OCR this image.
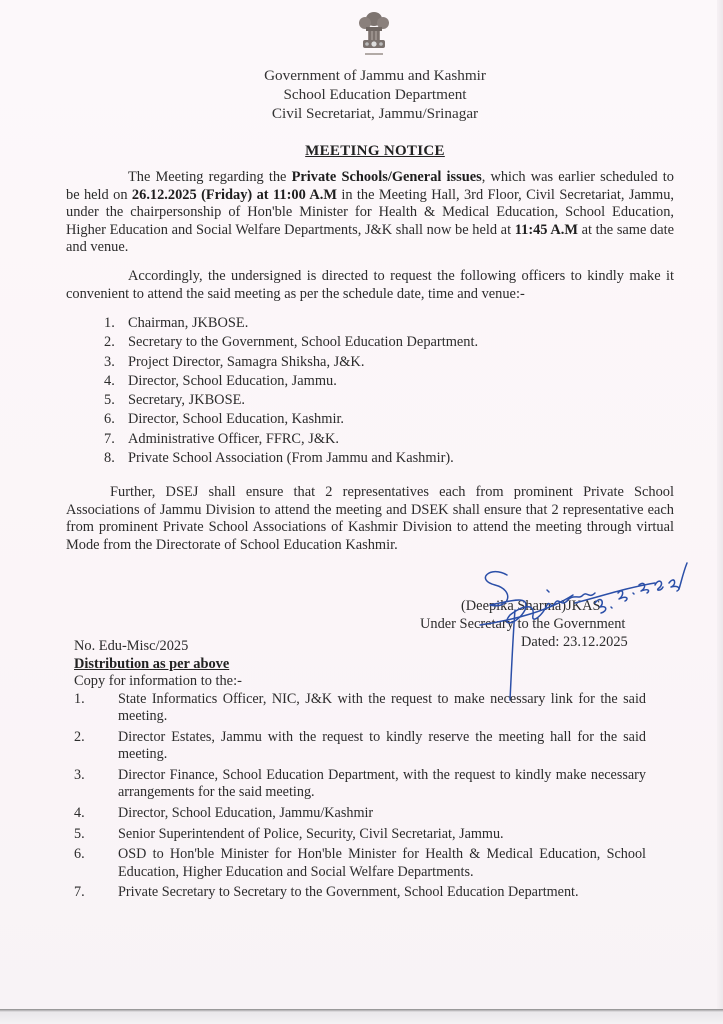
Government of Jammu and Kashmir
School Education Department
Civil Secretariat, Jammu/Srinagar
MEETING NOTICE
The Meeting regarding the Private Schools/General issues, which was earlier scheduled to be held on 26.12.2025 (Friday) at 11:00 A.M in the Meeting Hall, 3rd Floor, Civil Secretariat, Jammu, under the chairpersonship of Hon'ble Minister for Health & Medical Education, School Education, Higher Education and Social Welfare Departments, J&K shall now be held at 11:45 A.M at the same date and venue.
Accordingly, the undersigned is directed to request the following officers to kindly make it convenient to attend the said meeting as per the schedule date, time and venue:-
1. Chairman, JKBOSE.
2. Secretary to the Government, School Education Department.
3. Project Director, Samagra Shiksha, J&K.
4. Director, School Education, Jammu.
5. Secretary, JKBOSE.
6. Director, School Education, Kashmir.
7. Administrative Officer, FFRC, J&K.
8. Private School Association (From Jammu and Kashmir).
Further, DSEJ shall ensure that 2 representatives each from prominent Private School Associations of Jammu Division to attend the meeting and DSEK shall ensure that 2 representative each from prominent Private School Associations of Kashmir Division to attend the meeting through virtual Mode from the Directorate of School Education Kashmir.
(Deepika Sharma)JKAS
Under Secretary to the Government
Dated: 23.12.2025
No. Edu-Misc/2025
Distribution as per above
Copy for information to the:-
1.	State Informatics Officer, NIC, J&K with the request to make necessary link for the said meeting.
2.	Director Estates, Jammu with the request to kindly reserve the meeting hall for the said meeting.
3.	Director Finance, School Education Department, with the request to kindly make necessary arrangements for the said meeting.
4.	Director, School Education, Jammu/Kashmir
5.	Senior Superintendent of Police, Security, Civil Secretariat, Jammu.
6.	OSD to Hon'ble Minister for Hon'ble Minister for Health & Medical Education, School Education, Higher Education and Social Welfare Departments.
7.	Private Secretary to Secretary to the Government, School Education Department.
